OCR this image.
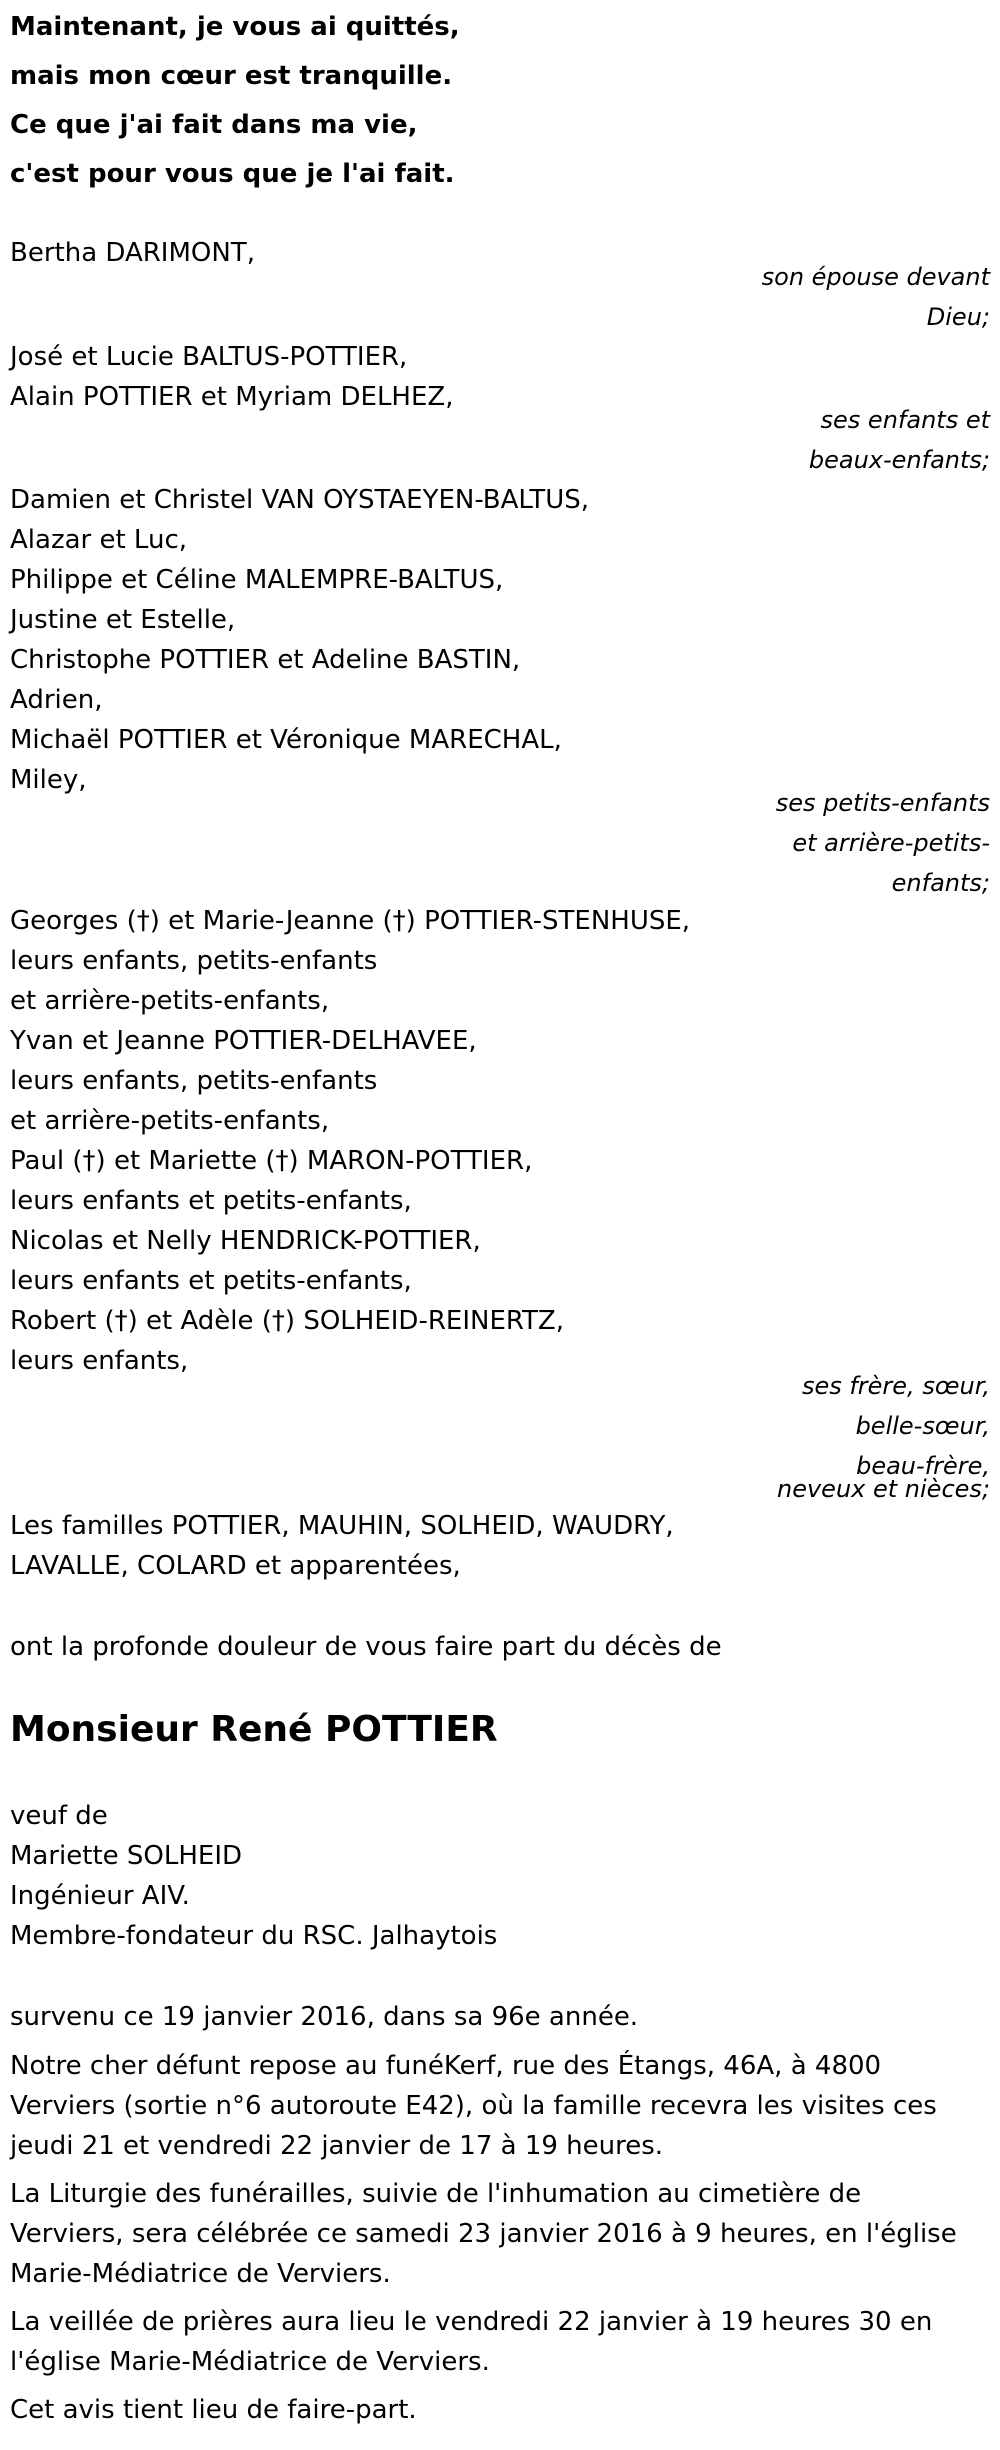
Maintenant, je vous ai quittés,
mais mon cœur est tranquille.
Ce que j'ai fait dans ma vie,
c'est pour vous que je l'ai fait.
Bertha DARIMONT,
son épouse devant
Dieu;
José et Lucie BALTUS-POTTIER,
Alain POTTIER et Myriam DELHEZ,
ses enfants et
beaux-enfants;
Damien et Christel VAN OYSTAEYEN-BALTUS,
Alazar et Luc,
Philippe et Céline MALEMPRE-BALTUS,
Justine et Estelle,
Christophe POTTIER et Adeline BASTIN,
Adrien,
Michaël POTTIER et Véronique MARECHAL,
Miley,
ses petits-enfants
et arrière-petits-
enfants;
Georges (†) et Marie-Jeanne (†) POTTIER-STENHUSE,
leurs enfants, petits-enfants
et arrière-petits-enfants,
Yvan et Jeanne POTTIER-DELHAVEE,
leurs enfants, petits-enfants
et arrière-petits-enfants,
Paul (†) et Mariette (†) MARON-POTTIER,
leurs enfants et petits-enfants,
Nicolas et Nelly HENDRICK-POTTIER,
leurs enfants et petits-enfants,
Robert (†) et Adèle (†) SOLHEID-REINERTZ,
leurs enfants,
ses frère, sœur,
belle-sœur,
beau-frère,
neveux et nièces;
Les familles POTTIER, MAUHIN, SOLHEID, WAUDRY,
LAVALLE, COLARD et apparentées,
ont la profonde douleur de vous faire part du décès de
Monsieur René POTTIER
veuf de
Mariette SOLHEID
Ingénieur AIV.
Membre-fondateur du RSC. Jalhaytois
survenu ce 19 janvier 2016, dans sa 96e année.
Notre cher défunt repose au funéKerf, rue des Étangs, 46A, à 4800 Verviers (sortie n°6 autoroute E42), où la famille recevra les visites ces jeudi 21 et vendredi 22 janvier de 17 à 19 heures.
La Liturgie des funérailles, suivie de l'inhumation au cimetière de Verviers, sera célébrée ce samedi 23 janvier 2016 à 9 heures, en l'église Marie-Médiatrice de Verviers.
La veillée de prières aura lieu le vendredi 22 janvier à 19 heures 30 en l'église Marie-Médiatrice de Verviers.
Cet avis tient lieu de faire-part.
